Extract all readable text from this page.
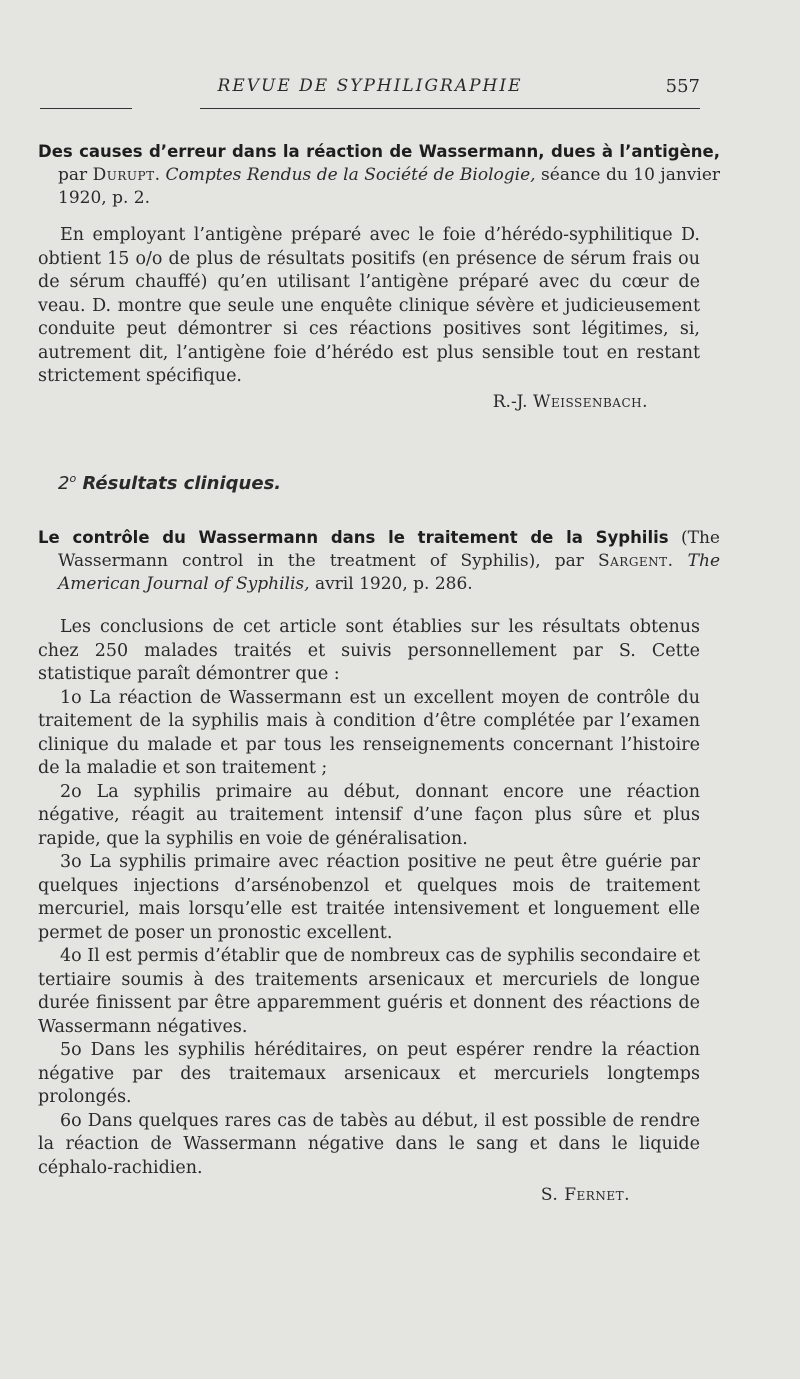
REVUE DE SYPHILIGRAPHIE	557
Des causes d’erreur dans la réaction de Wassermann, dues à l’antigène, par Durupt. Comptes Rendus de la Société de Biologie, séance du 10 janvier 1920, p. 2.

En employant l’antigène préparé avec le foie d’hérédo-syphilitique D. obtient 15 o/o de plus de résultats positifs (en présence de sérum frais ou de sérum chauffé) qu’en utilisant l’antigène préparé avec du cœur de veau. D. montre que seule une enquête clinique sévère et judicieusement conduite peut démontrer si ces réactions positives sont légitimes, si, autrement dit, l’antigène foie d’hérédo est plus sensible tout en restant strictement spécifique.

R.-J. Weissenbach.
2$^o$ Résultats cliniques.
Le contrôle du Wassermann dans le traitement de la Syphilis (The Wassermann control in the treatment of Syphilis), par Sargent. The American Journal of Syphilis, avril 1920, p. 286.

Les conclusions de cet article sont établies sur les résultats obtenus chez 250 malades traités et suivis personnellement par S. Cette statistique paraît démontrer que :

1o La réaction de Wassermann est un excellent moyen de contrôle du traitement de la syphilis mais à condition d’être complétée par l’examen clinique du malade et par tous les renseignements concernant l’histoire de la maladie et son traitement ;

2o La syphilis primaire au début, donnant encore une réaction négative, réagit au traitement intensif d’une façon plus sûre et plus rapide, que la syphilis en voie de généralisation.

3o La syphilis primaire avec réaction positive ne peut être guérie par quelques injections d’arsénobenzol et quelques mois de traitement mercuriel, mais lorsqu’elle est traitée intensivement et longuement elle permet de poser un pronostic excellent.

4o Il est permis d’établir que de nombreux cas de syphilis secondaire et tertiaire soumis à des traitements arsenicaux et mercuriels de longue durée finissent par être apparemment guéris et donnent des réactions de Wassermann négatives.

5o Dans les syphilis héréditaires, on peut espérer rendre la réaction négative par des traitemaux arsenicaux et mercuriels longtemps prolongés.

6o Dans quelques rares cas de tabès au début, il est possible de rendre la réaction de Wassermann négative dans le sang et dans le liquide céphalo-rachidien.

S. Fernet.
